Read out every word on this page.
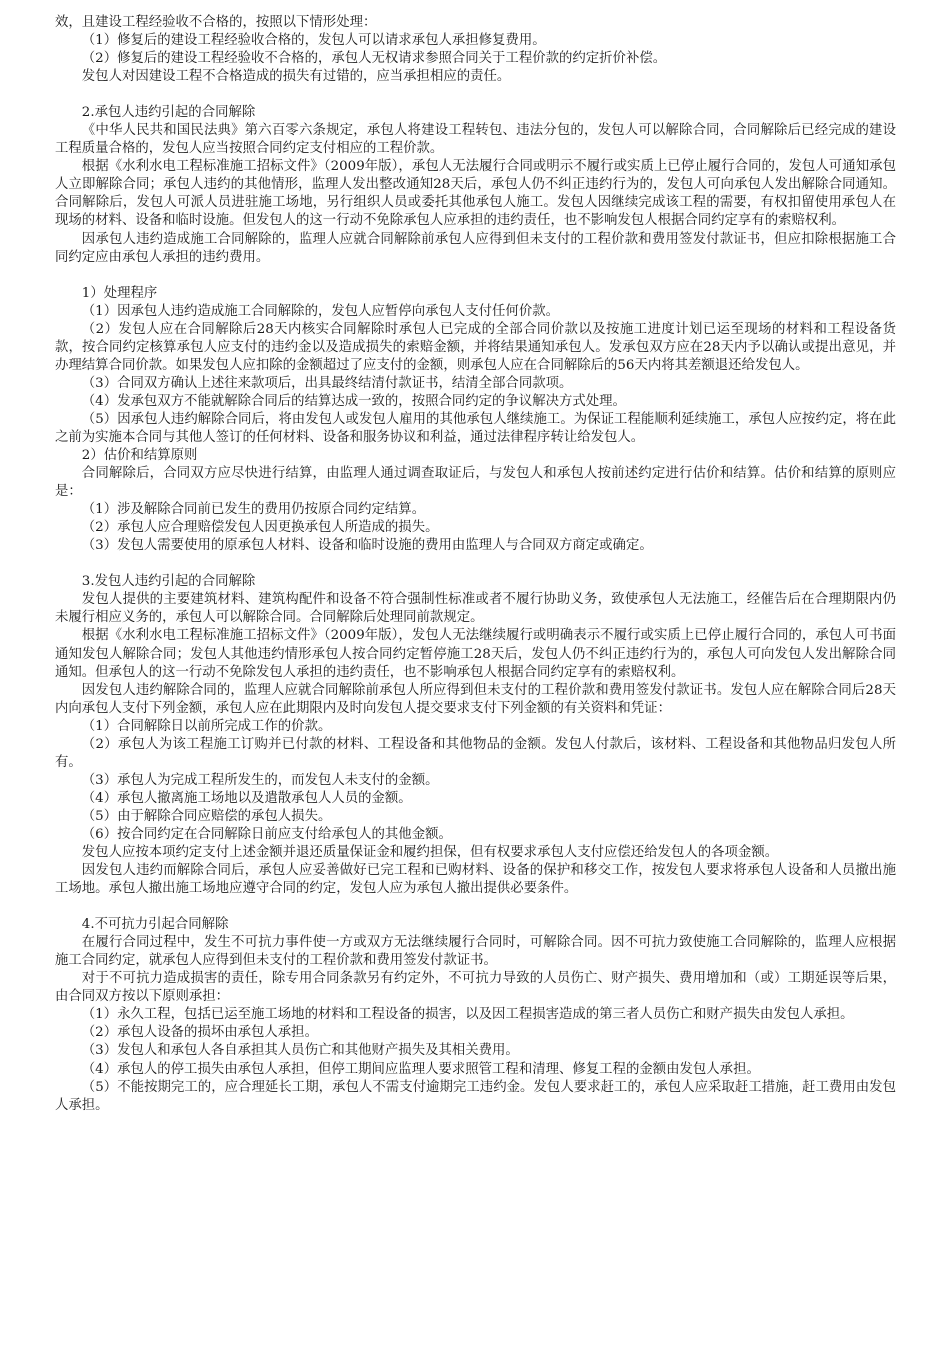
效，且建设工程经验收不合格的，按照以下情形处理：

（1）修复后的建设工程经验收合格的，发包人可以请求承包人承担修复费用。

（2）修复后的建设工程经验收不合格的，承包人无权请求参照合同关于工程价款的约定折价补偿。

发包人对因建设工程不合格造成的损失有过错的，应当承担相应的责任。

2.承包人违约引起的合同解除

《中华人民共和国民法典》第六百零六条规定，承包人将建设工程转包、违法分包的，发包人可以解除合同，合同解除后已经完成的建设工程质量合格的，发包人应当按照合同约定支付相应的工程价款。

根据《水利水电工程标准施工招标文件》（2009年版），承包人无法履行合同或明示不履行或实质上已停止履行合同的，发包人可通知承包人立即解除合同；承包人违约的其他情形，监理人发出整改通知28天后，承包人仍不纠正违约行为的，发包人可向承包人发出解除合同通知。合同解除后，发包人可派人员进驻施工场地，另行组织人员或委托其他承包人施工。发包人因继续完成该工程的需要，有权扣留使用承包人在现场的材料、设备和临时设施。但发包人的这一行动不免除承包人应承担的违约责任，也不影响发包人根据合同约定享有的索赔权利。

因承包人违约造成施工合同解除的，监理人应就合同解除前承包人应得到但未支付的工程价款和费用签发付款证书，但应扣除根据施工合同约定应由承包人承担的违约费用。

1）处理程序

（1）因承包人违约造成施工合同解除的，发包人应暂停向承包人支付任何价款。

（2）发包人应在合同解除后28天内核实合同解除时承包人已完成的全部合同价款以及按施工进度计划已运至现场的材料和工程设备货款，按合同约定核算承包人应支付的违约金以及造成损失的索赔金额，并将结果通知承包人。发承包双方应在28天内予以确认或提出意见，并办理结算合同价款。如果发包人应扣除的金额超过了应支付的金额，则承包人应在合同解除后的56天内将其差额退还给发包人。

（3）合同双方确认上述往来款项后，出具最终结清付款证书，结清全部合同款项。

（4）发承包双方不能就解除合同后的结算达成一致的，按照合同约定的争议解决方式处理。

（5）因承包人违约解除合同后，将由发包人或发包人雇用的其他承包人继续施工。为保证工程能顺利延续施工，承包人应按约定，将在此之前为实施本合同与其他人签订的任何材料、设备和服务协议和利益，通过法律程序转让给发包人。

2）估价和结算原则

合同解除后，合同双方应尽快进行结算，由监理人通过调查取证后，与发包人和承包人按前述约定进行估价和结算。估价和结算的原则应是：

（1）涉及解除合同前已发生的费用仍按原合同约定结算。

（2）承包人应合理赔偿发包人因更换承包人所造成的损失。

（3）发包人需要使用的原承包人材料、设备和临时设施的费用由监理人与合同双方商定或确定。

3.发包人违约引起的合同解除

发包人提供的主要建筑材料、建筑构配件和设备不符合强制性标准或者不履行协助义务，致使承包人无法施工，经催告后在合理期限内仍未履行相应义务的，承包人可以解除合同。合同解除后处理同前款规定。

根据《水利水电工程标准施工招标文件》（2009年版），发包人无法继续履行或明确表示不履行或实质上已停止履行合同的，承包人可书面通知发包人解除合同；发包人其他违约情形承包人按合同约定暂停施工28天后，发包人仍不纠正违约行为的，承包人可向发包人发出解除合同通知。但承包人的这一行动不免除发包人承担的违约责任，也不影响承包人根据合同约定享有的索赔权利。

因发包人违约解除合同的，监理人应就合同解除前承包人所应得到但未支付的工程价款和费用签发付款证书。发包人应在解除合同后28天内向承包人支付下列金额，承包人应在此期限内及时向发包人提交要求支付下列金额的有关资料和凭证：

（1）合同解除日以前所完成工作的价款。

（2）承包人为该工程施工订购并已付款的材料、工程设备和其他物品的金额。发包人付款后，该材料、工程设备和其他物品归发包人所有。

（3）承包人为完成工程所发生的，而发包人未支付的金额。

（4）承包人撤离施工场地以及遣散承包人人员的金额。

（5）由于解除合同应赔偿的承包人损失。

（6）按合同约定在合同解除日前应支付给承包人的其他金额。

发包人应按本项约定支付上述金额并退还质量保证金和履约担保，但有权要求承包人支付应偿还给发包人的各项金额。

因发包人违约而解除合同后，承包人应妥善做好已完工程和已购材料、设备的保护和移交工作，按发包人要求将承包人设备和人员撤出施工场地。承包人撤出施工场地应遵守合同的约定，发包人应为承包人撤出提供必要条件。

4.不可抗力引起合同解除

在履行合同过程中，发生不可抗力事件使一方或双方无法继续履行合同时，可解除合同。因不可抗力致使施工合同解除的，监理人应根据施工合同约定，就承包人应得到但未支付的工程价款和费用签发付款证书。

对于不可抗力造成损害的责任，除专用合同条款另有约定外，不可抗力导致的人员伤亡、财产损失、费用增加和（或）工期延误等后果，由合同双方按以下原则承担：

（1）永久工程，包括已运至施工场地的材料和工程设备的损害，以及因工程损害造成的第三者人员伤亡和财产损失由发包人承担。

（2）承包人设备的损坏由承包人承担。

（3）发包人和承包人各自承担其人员伤亡和其他财产损失及其相关费用。

（4）承包人的停工损失由承包人承担，但停工期间应监理人要求照管工程和清理、修复工程的金额由发包人承担。

（5）不能按期完工的，应合理延长工期，承包人不需支付逾期完工违约金。发包人要求赶工的，承包人应采取赶工措施，赶工费用由发包人承担。
